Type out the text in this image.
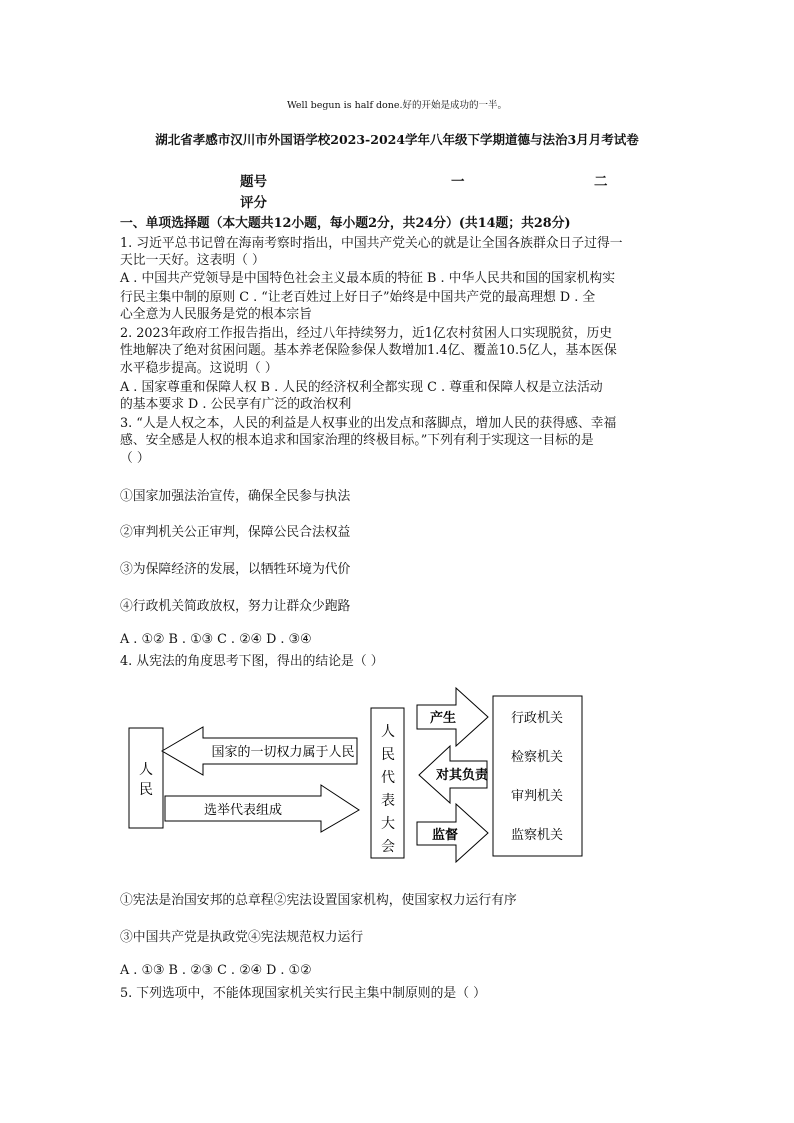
Well begun is half done.好的开始是成功的一半。
湖北省孝感市汉川市外国语学校2023-2024学年八年级下学期道德与法治3月月考试卷
题号	一	二
评分
一、单项选择题（本大题共12小题，每小题2分，共24分）(共14题；共28分)
1. 习近平总书记曾在海南考察时指出，中国共产党关心的就是让全国各族群众日子过得一
天比一天好。这表明（ ）
A . 中国共产党领导是中国特色社会主义最本质的特征 B . 中华人民共和国的国家机构实
行民主集中制的原则 C . “让老百姓过上好日子”始终是中国共产党的最高理想 D . 全
心全意为人民服务是党的根本宗旨
2. 2023年政府工作报告指出，经过八年持续努力，近1亿农村贫困人口实现脱贫，历史
性地解决了绝对贫困问题。基本养老保险参保人数增加1.4亿、覆盖10.5亿人，基本医保
水平稳步提高。这说明（ ）
A . 国家尊重和保障人权 B . 人民的经济权利全都实现 C . 尊重和保障人权是立法活动
的基本要求 D . 公民享有广泛的政治权利
3. “人是人权之本，人民的利益是人权事业的出发点和落脚点，增加人民的获得感、幸福
感、安全感是人权的根本追求和国家治理的终极目标。”下列有利于实现这一目标的是
（ ）
①国家加强法治宣传，确保全民参与执法
②审判机关公正审判，保障公民合法权益
③为保障经济的发展，以牺牲环境为代价
④行政机关简政放权，努力让群众少跑路
A . ①② B . ①③ C . ②④ D . ③④
4. 从宪法的角度思考下图，得出的结论是（ ）
人
民
国家的一切权力属于人民
选举代表组成
人
民
代
表
大
会
产生
对其负责
监督
行政机关
检察机关
审判机关
监察机关
①宪法是治国安邦的总章程②宪法设置国家机构，使国家权力运行有序
③中国共产党是执政党④宪法规范权力运行
A . ①③ B . ②③ C . ②④ D . ①②
5. 下列选项中，不能体现国家机关实行民主集中制原则的是（ ）
